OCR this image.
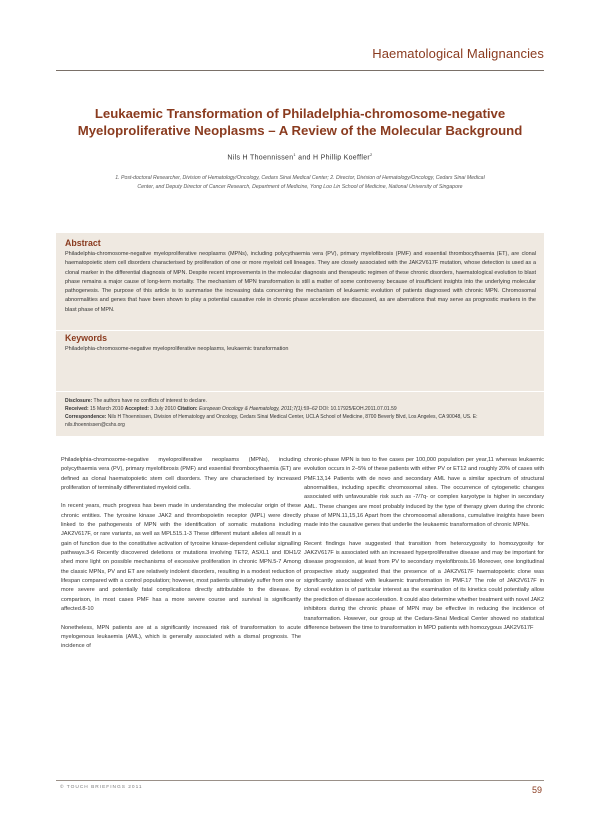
Haematological Malignancies
Leukaemic Transformation of Philadelphia-chromosome-negative
Myeloproliferative Neoplasms – A Review of the Molecular Background
Nils H Thoennissen$^1$ and H Phillip Koeffler$^2$
1. Post-doctoral Researcher, Division of Hematology/Oncology, Cedars Sinai Medical Center; 2. Director, Division of Hematology/Oncology, Cedars Sinai Medical
Center, and Deputy Director of Cancer Research, Department of Medicine, Yong Loo Lin School of Medicine, National University of Singapore
Abstract
Philadelphia-chromosome-negative myeloproliferative neoplasms (MPNs), including polycythaemia vera (PV), primary myelofibrosis (PMF) and essential thrombocythaemia (ET), are clonal haematopoietic stem cell disorders characterised by proliferation of one or more myeloid cell lineages. They are closely associated with the JAK2V617F mutation, whose detection is used as a clonal marker in the differential diagnosis of MPN. Despite recent improvements in the molecular diagnosis and therapeutic regimen of these chronic disorders, haematological evolution to blast phase remains a major cause of long-term mortality. The mechanism of MPN transformation is still a matter of some controversy because of insufficient insights into the underlying molecular pathogenesis. The purpose of this article is to summarise the increasing data concerning the mechanism of leukaemic evolution of patients diagnosed with chronic MPN. Chromosomal abnormalities and genes that have been shown to play a potential causative role in chronic phase acceleration are discussed, as are aberrations that may serve as prognostic markers in the blast phase of MPN.
Keywords
Philadelphia-chromosome-negative myeloproliferative neoplasms, leukaemic transformation
Disclosure: The authors have no conflicts of interest to declare.
Received: 15 March 2010 Accepted: 3 July 2010 Citation: European Oncology & Haematology, 2011;7(1):59–62 DOI: 10.17925/EOH.2011.07.01.59
Correspondence: Nils H Thoennissen, Division of Hematology and Oncology, Cedars Sinai Medical Center, UCLA School of Medicine, 8700 Beverly Blvd, Los Angeles, CA 90048, US. E: nils.thoennissen@cshs.org

Philadelphia-chromosome-negative myeloproliferative neoplasms (MPNs), including polycythaemia vera (PV), primary myelofibrosis (PMF) and essential thrombocythaemia (ET) are defined as clonal haematopoietic stem cell disorders. They are characterised by increased proliferation of terminally differentiated myeloid cells.

In recent years, much progress has been made in understanding the molecular origin of these chronic entities. The tyrosine kinase JAK2 and thrombopoietin receptor (MPL) were directly linked to the pathogenesis of MPN with the identification of somatic mutations including JAK2V617F, or rare variants, as well as MPL515.1-3 These different mutant alleles all result in a gain of function due to the constitutive activation of tyrosine kinase-dependent cellular signalling pathways.3-6 Recently discovered deletions or mutations involving TET2, ASXL1 and IDH1/2 shed more light on possible mechanisms of excessive proliferation in chronic MPN.5-7 Among the classic MPNs, PV and ET are relatively indolent disorders, resulting in a modest reduction of lifespan compared with a control population; however, most patients ultimately suffer from one or more severe and potentially fatal complications directly attributable to the disease. By comparison, in most cases PMF has a more severe course and survival is significantly affected.8-10

Nonetheless, MPN patients are at a significantly increased risk of transformation to acute myelogenous leukaemia (AML), which is generally associated with a dismal prognosis. The incidence of

chronic-phase MPN is two to five cases per 100,000 population per year,11 whereas leukaemic evolution occurs in 2–5% of these patients with either PV or ET12 and roughly 20% of cases with PMF.13,14 Patients with de novo and secondary AML have a similar spectrum of structural abnormalities, including specific chromosomal sites. The occurrence of cytogenetic changes associated with unfavourable risk such as -7/7q- or complex karyotype is higher in secondary AML. These changes are most probably induced by the type of therapy given during the chronic phase of MPN.11,15,16 Apart from the chromosomal alterations, cumulative insights have been made into the causative genes that underlie the leukaemic transformation of chronic MPNs.

Recent findings have suggested that transition from heterozygosity to homozygosity for JAK2V617F is associated with an increased hyperproliferative disease and may be important for disease progression, at least from PV to secondary myelofibrosis.16 Moreover, one longitudinal prospective study suggested that the presence of a JAK2V617F haematopoietic clone was significantly associated with leukaemic transformation in PMF.17 The role of JAK2V617F in clonal evolution is of particular interest as the examination of its kinetics could potentially allow the prediction of disease acceleration. It could also determine whether treatment with novel JAK2 inhibitors during the chronic phase of MPN may be effective in reducing the incidence of transformation. However, our group at the Cedars-Sinai Medical Center showed no statistical difference between the time to transformation in MPD patients with homozygous JAK2V617F

© TOUCH BRIEFINGS 2011	59
